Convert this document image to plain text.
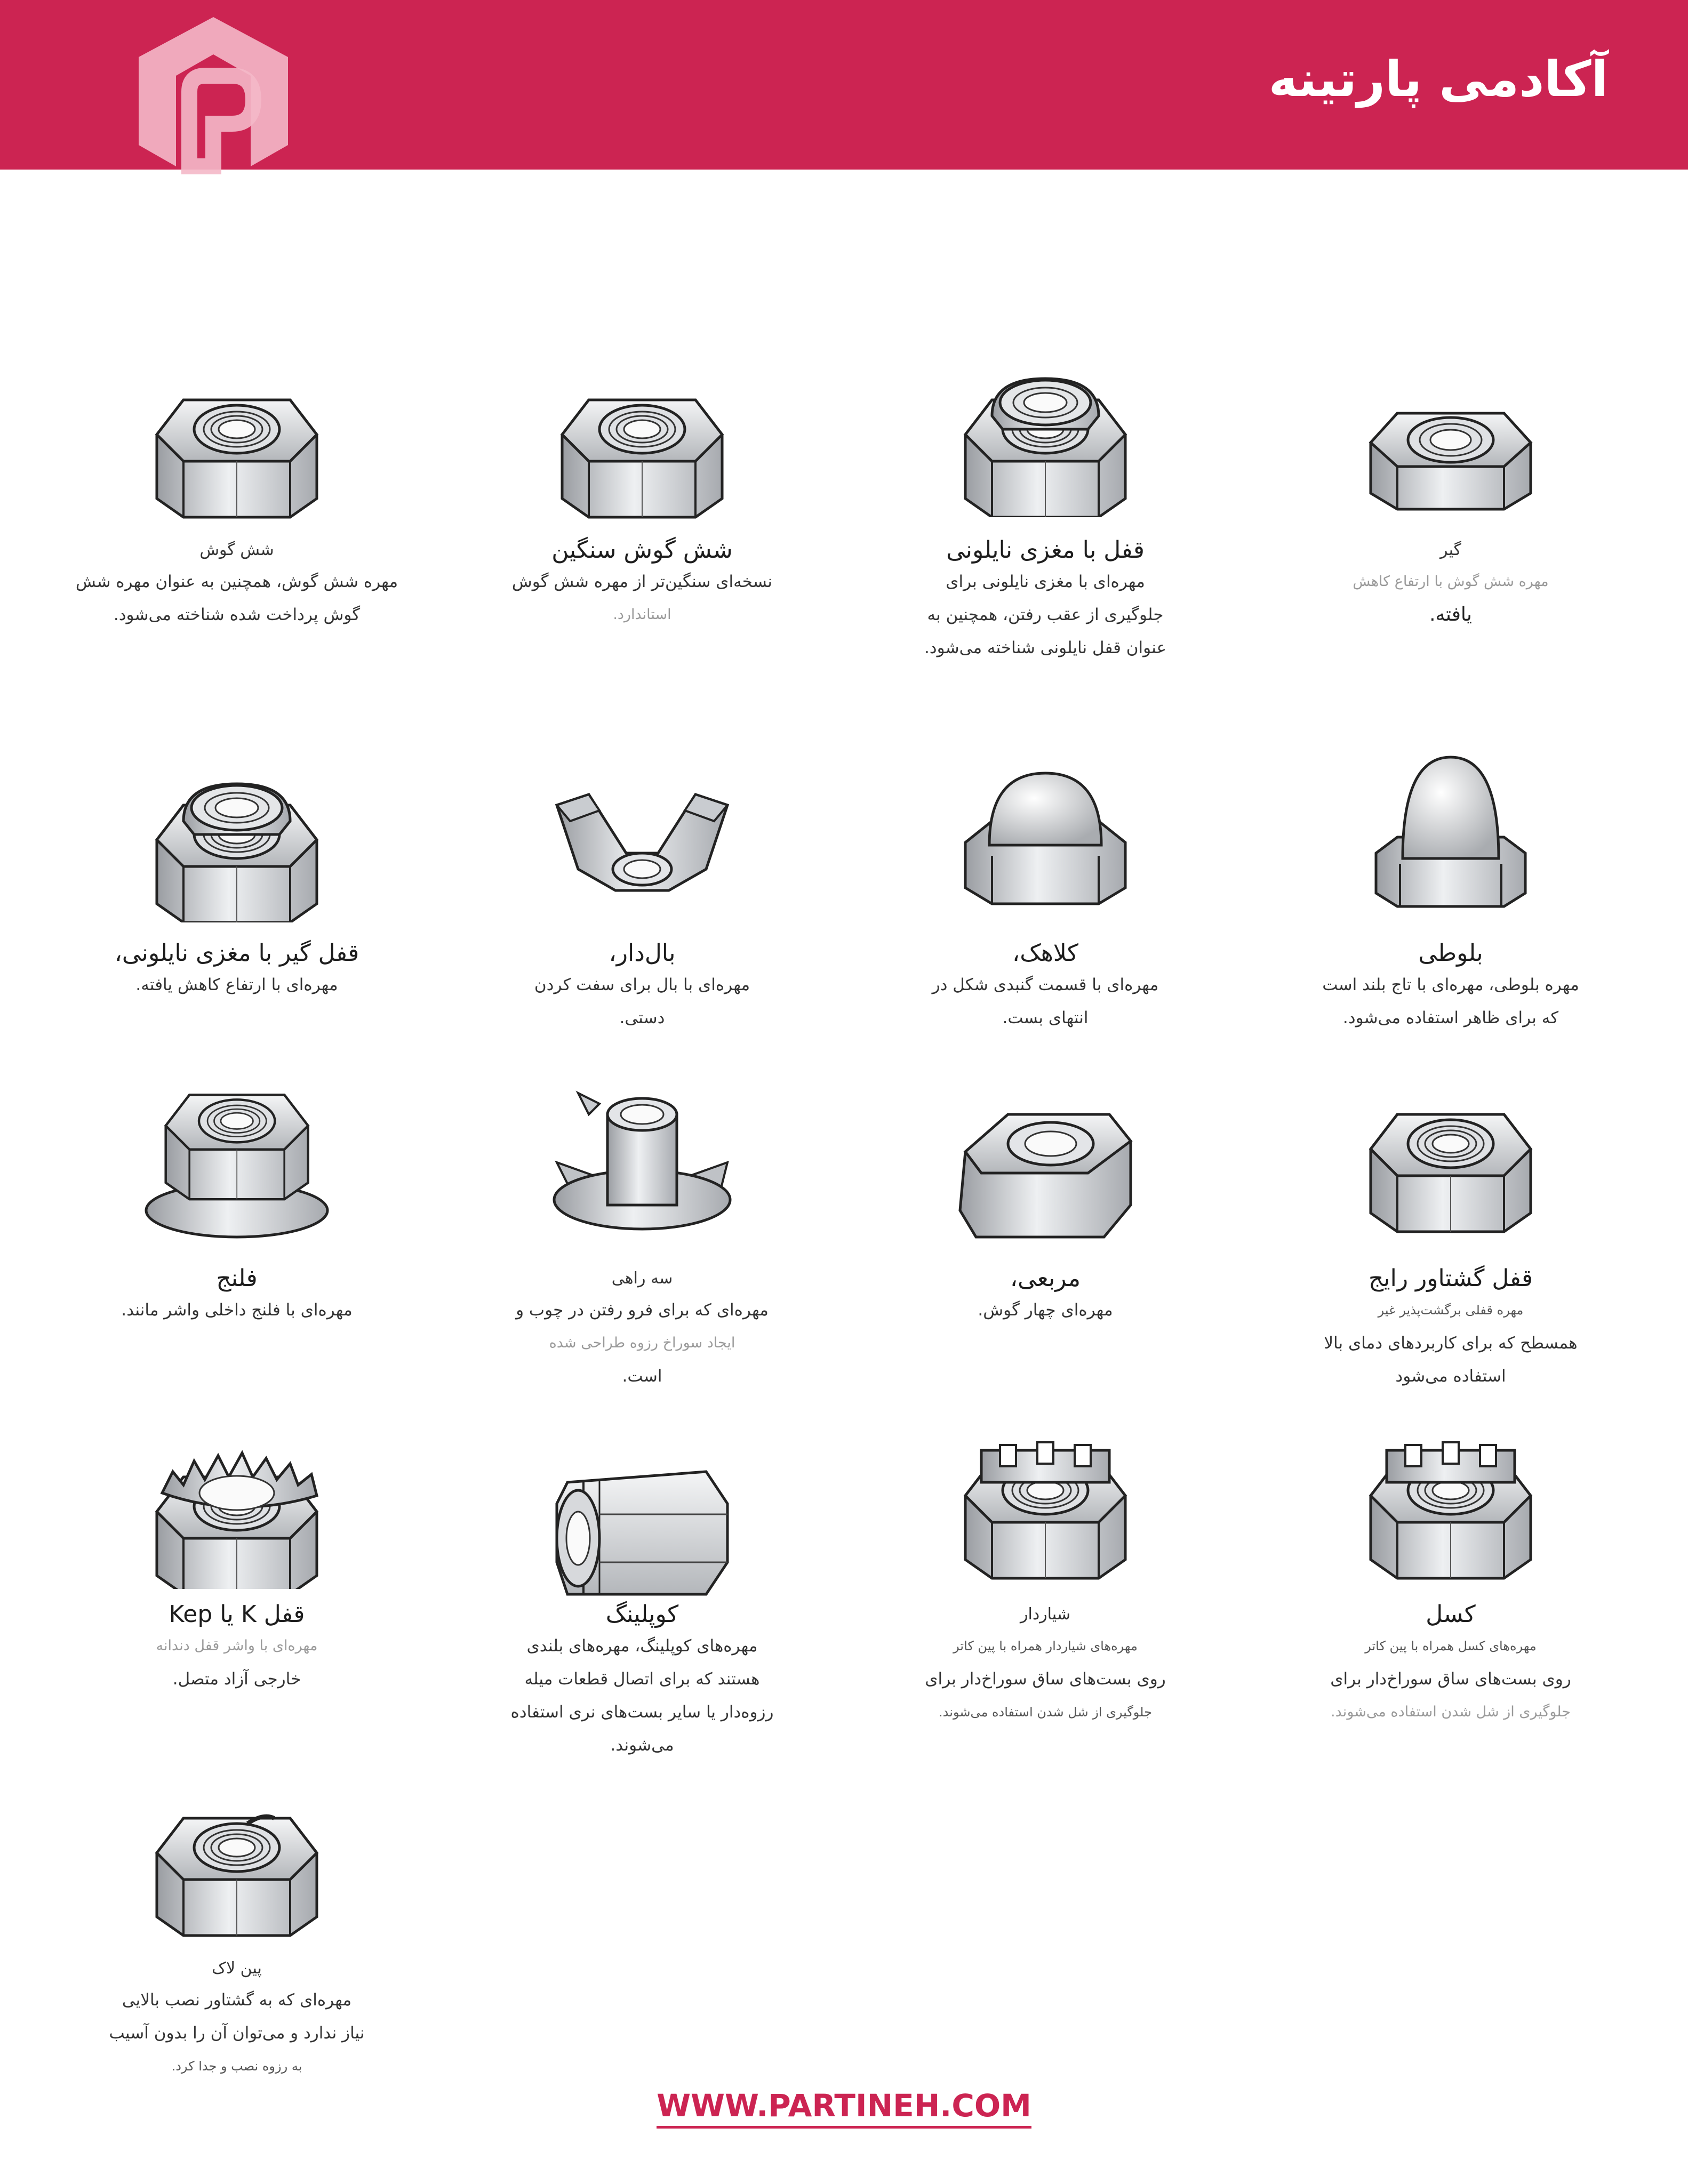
آکادمی پارتینه
شش گوش
مهره شش گوش، همچنین به عنوان مهره شش
گوش پرداخت شده شناخته می‌شود.
شش گوش سنگین
نسخه‌ای سنگین‌تر از مهره شش گوش
استاندارد.
قفل با مغزی نایلونی
مهره‌ای با مغزی نایلونی برای
جلوگیری از عقب رفتن، همچنین به
عنوان قفل نایلونی شناخته می‌شود.
گیر
مهره شش گوش با ارتفاع کاهش
یافته.
قفل گیر با مغزی نایلونی،
مهره‌ای با ارتفاع کاهش یافته.
بال‌دار،
مهره‌ای با بال برای سفت کردن
دستی.
کلاهک،
مهره‌ای با قسمت گنبدی شکل در
انتهای بست.
بلوطی
مهره بلوطی، مهره‌ای با تاج بلند است
که برای ظاهر استفاده می‌شود.
فلنج
مهره‌ای با فلنج داخلی واشر مانند.
سه راهی
مهره‌ای که برای فرو رفتن در چوب و
ایجاد سوراخ رزوه طراحی شده
است.
مربعی،
مهره‌ای چهار گوش.
قفل گشتاور رایج
مهره قفلی برگشت‌پذیر غیر
همسطح که برای کاربردهای دمای بالا
استفاده می‌شود
قفل K یا Kep
مهره‌ای با واشر قفل دندانه
خارجی آزاد متصل.
کوپلینگ
مهره‌های کوپلینگ، مهره‌های بلندی
هستند که برای اتصال قطعات میله
رزوه‌دار یا سایر بست‌های نری استفاده
می‌شوند.
شیاردار
مهره‌های شیاردار همراه با پین کاتر
روی بست‌های ساق سوراخ‌دار برای
جلوگیری از شل شدن استفاده می‌شوند.
کسل
مهره‌های کسل همراه با پین کاتر
روی بست‌های ساق سوراخ‌دار برای
جلوگیری از شل شدن استفاده می‌شوند.
پین لاک
مهره‌ای که به گشتاور نصب بالایی
نیاز ندارد و می‌توان آن را بدون آسیب
به رزوه نصب و جدا کرد.
WWW.PARTINEH.COM
